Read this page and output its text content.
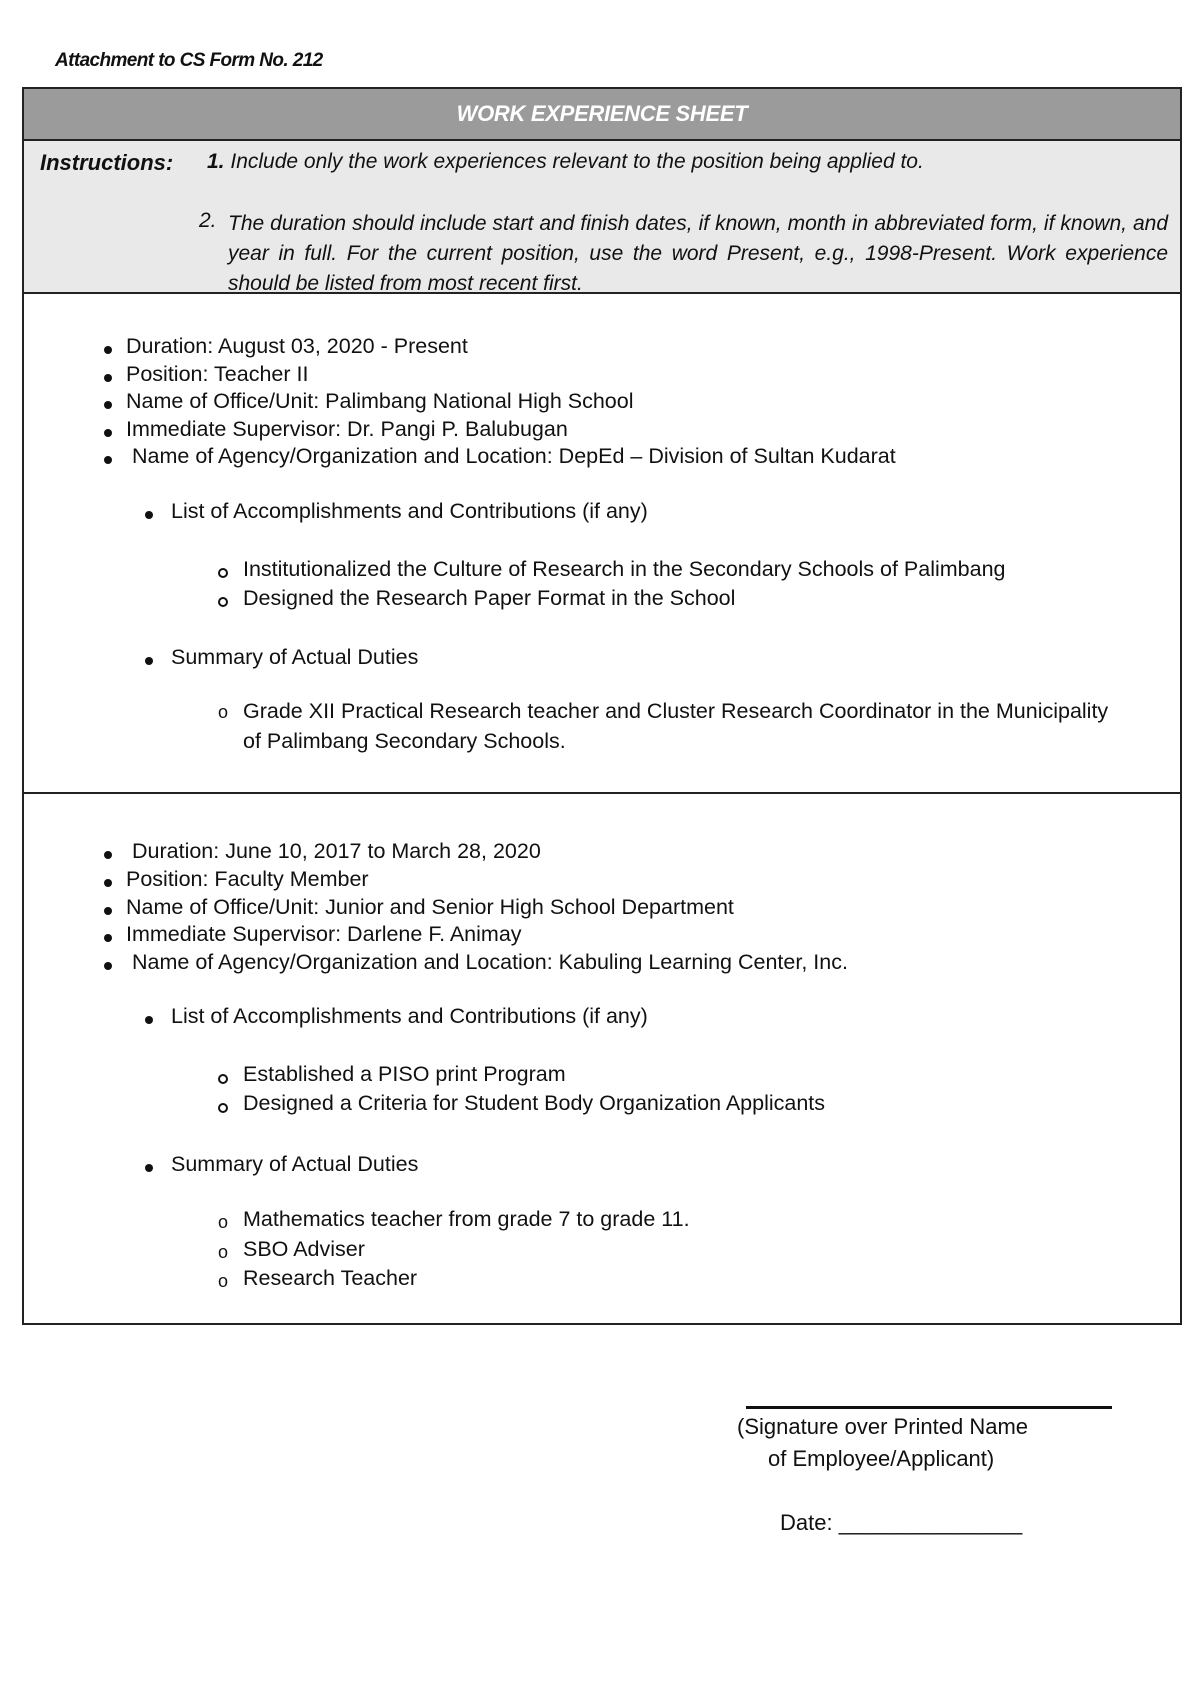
Attachment to CS Form No. 212
WORK EXPERIENCE SHEET
Instructions: 1. Include only the work experiences relevant to the position being applied to.
2. The duration should include start and finish dates, if known, month in abbreviated form, if known, and year in full. For the current position, use the word Present, e.g., 1998-Present. Work experience should be listed from most recent first.
Duration: August 03, 2020 - Present
Position: Teacher II
Name of Office/Unit: Palimbang National High School
Immediate Supervisor: Dr. Pangi P. Balubugan
Name of Agency/Organization and Location: DepEd – Division of Sultan Kudarat
List of Accomplishments and Contributions (if any)
Institutionalized the Culture of Research in the Secondary Schools of Palimbang
Designed the Research Paper Format in the School
Summary of Actual Duties
o Grade XII Practical Research teacher and Cluster Research Coordinator in the Municipality of Palimbang Secondary Schools.
Duration: June 10, 2017 to March 28, 2020
Position: Faculty Member
Name of Office/Unit: Junior and Senior High School Department
Immediate Supervisor: Darlene F. Animay
Name of Agency/Organization and Location: Kabuling Learning Center, Inc.
List of Accomplishments and Contributions (if any)
Established a PISO print Program
Designed a Criteria for Student Body Organization Applicants
Summary of Actual Duties
o Mathematics teacher from grade 7 to grade 11.
o SBO Adviser
o Research Teacher
(Signature over Printed Name
of Employee/Applicant)
Date: _______________
